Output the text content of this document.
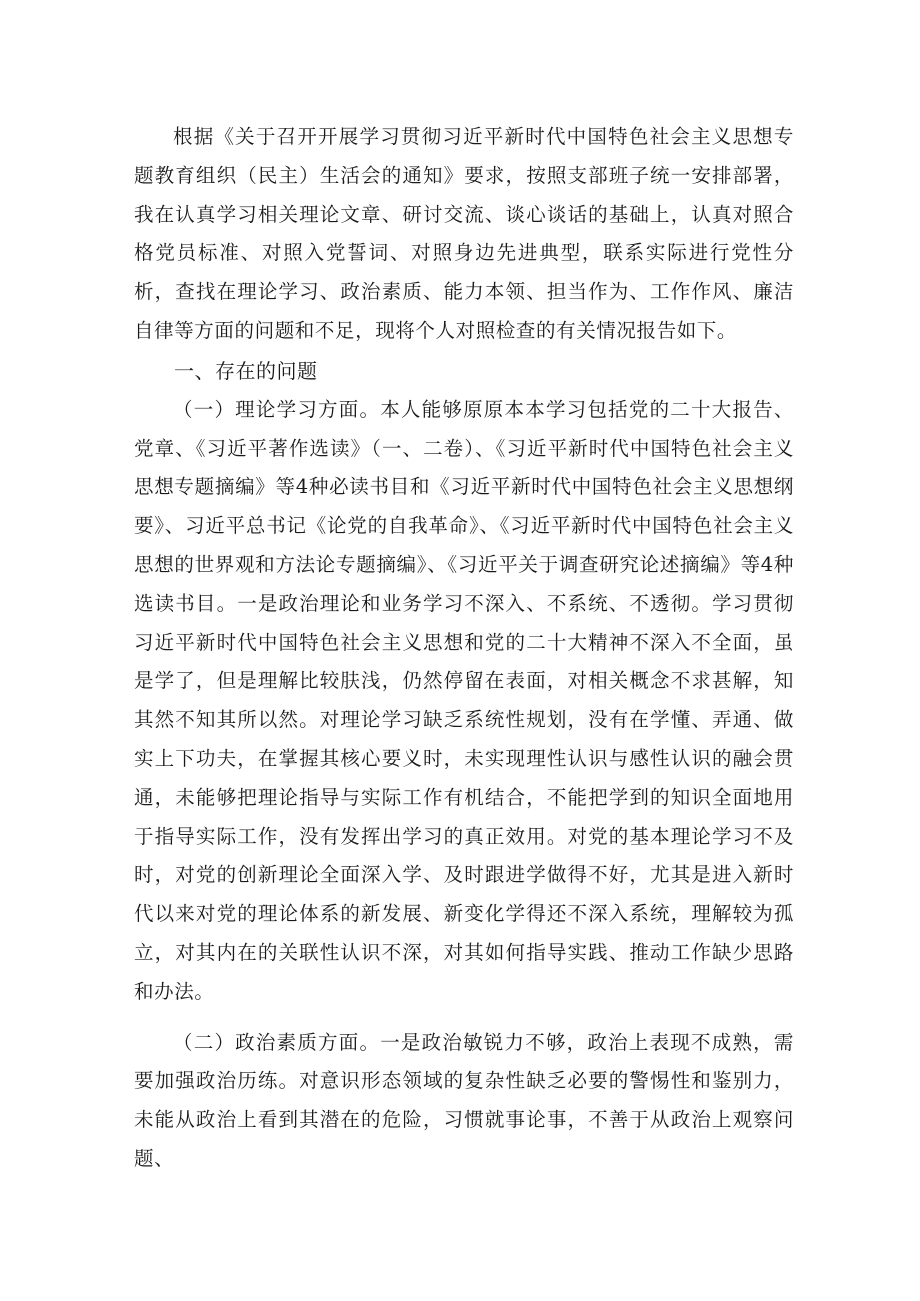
根据《关于召开开展学习贯彻习近平新时代中国特色社会主义思想专题教育组织（民主）生活会的通知》要求，按照支部班子统一安排部署，我在认真学习相关理论文章、研讨交流、谈心谈话的基础上，认真对照合格党员标准、对照入党誓词、对照身边先进典型，联系实际进行党性分析，查找在理论学习、政治素质、能力本领、担当作为、工作作风、廉洁自律等方面的问题和不足，现将个人对照检查的有关情况报告如下。

一、存在的问题

（一）理论学习方面。本人能够原原本本学习包括党的二十大报告、党章、《习近平著作选读》（一、二卷）、《习近平新时代中国特色社会主义思想专题摘编》等4种必读书目和《习近平新时代中国特色社会主义思想纲要》、习近平总书记《论党的自我革命》、《习近平新时代中国特色社会主义思想的世界观和方法论专题摘编》、《习近平关于调查研究论述摘编》等4种选读书目。一是政治理论和业务学习不深入、不系统、不透彻。学习贯彻习近平新时代中国特色社会主义思想和党的二十大精神不深入不全面，虽是学了，但是理解比较肤浅，仍然停留在表面，对相关概念不求甚解，知其然不知其所以然。对理论学习缺乏系统性规划，没有在学懂、弄通、做实上下功夫，在掌握其核心要义时，未实现理性认识与感性认识的融会贯通，未能够把理论指导与实际工作有机结合，不能把学到的知识全面地用于指导实际工作，没有发挥出学习的真正效用。对党的基本理论学习不及时，对党的创新理论全面深入学、及时跟进学做得不好，尤其是进入新时代以来对党的理论体系的新发展、新变化学得还不深入系统，理解较为孤立，对其内在的关联性认识不深，对其如何指导实践、推动工作缺少思路和办法。

（二）政治素质方面。一是政治敏锐力不够，政治上表现不成熟，需要加强政治历练。对意识形态领域的复杂性缺乏必要的警惕性和鉴别力，未能从政治上看到其潜在的危险，习惯就事论事，不善于从政治上观察问题、
